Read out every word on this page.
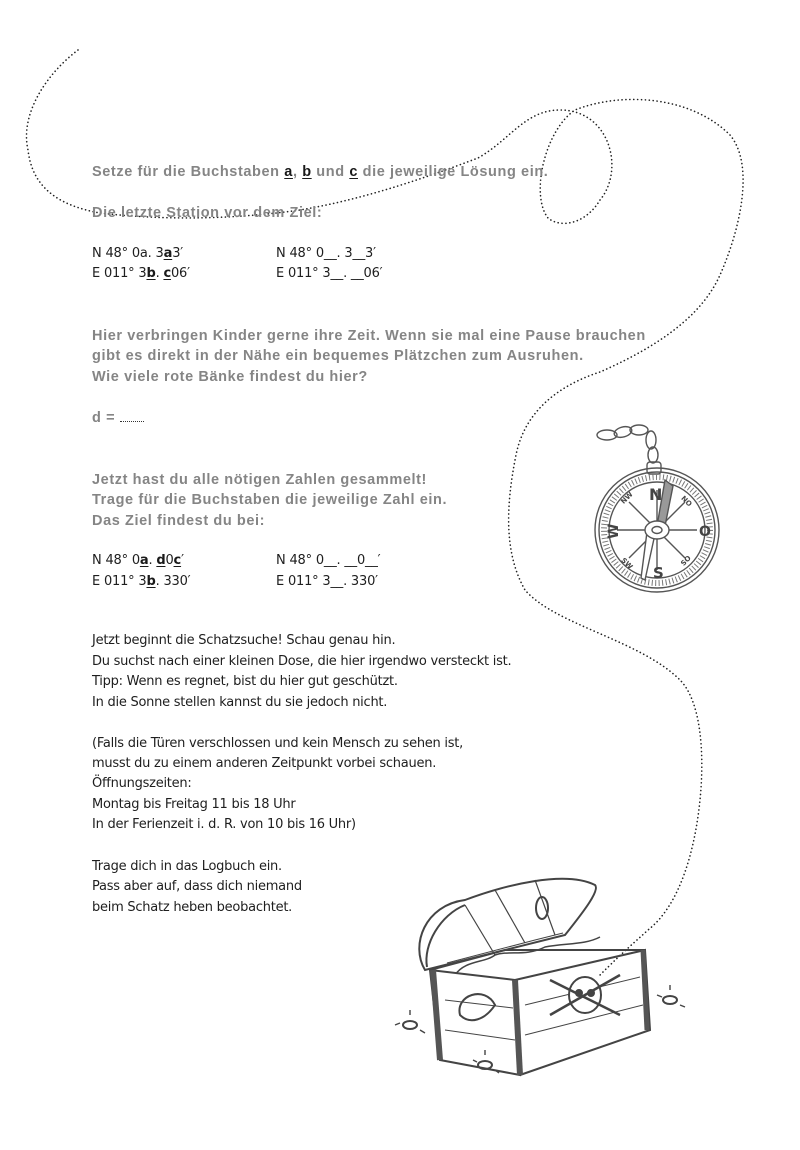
Setze für die Buchstaben a, b und c die jeweilige Lösung ein.
Die letzte Station vor dem Ziel:
N 48° 0a. 3a3′
E 011° 3b. c06′
N 48° 0__. 3__3′
E 011° 3__. __06′
Hier verbringen Kinder gerne ihre Zeit. Wenn sie mal eine Pause brauchen
gibt es direkt in der Nähe ein bequemes Plätzchen zum Ausruhen.
Wie viele rote Bänke findest du hier?
d =
Jetzt hast du alle nötigen Zahlen gesammelt!
Trage für die Buchstaben die jeweilige Zahl ein.
Das Ziel findest du bei:
N 48° 0a. d0c′
E 011° 3b. 330′
N 48° 0__. __0__′
E 011° 3__. 330′
Jetzt beginnt die Schatzsuche! Schau genau hin.
Du suchst nach einer kleinen Dose, die hier irgendwo versteckt ist.
Tipp: Wenn es regnet, bist du hier gut geschützt.
In die Sonne stellen kannst du sie jedoch nicht.
(Falls die Türen verschlossen und kein Mensch zu sehen ist,
musst du zu einem anderen Zeitpunkt vorbei schauen.
Öffnungszeiten:
Montag bis Freitag 11 bis 18 Uhr
In der Ferienzeit i. d. R. von 10 bis 16 Uhr)
Trage dich in das Logbuch ein.
Pass aber auf, dass dich niemand
beim Schatz heben beobachtet.
N
O
S
W
NO
NW
SO
SW
